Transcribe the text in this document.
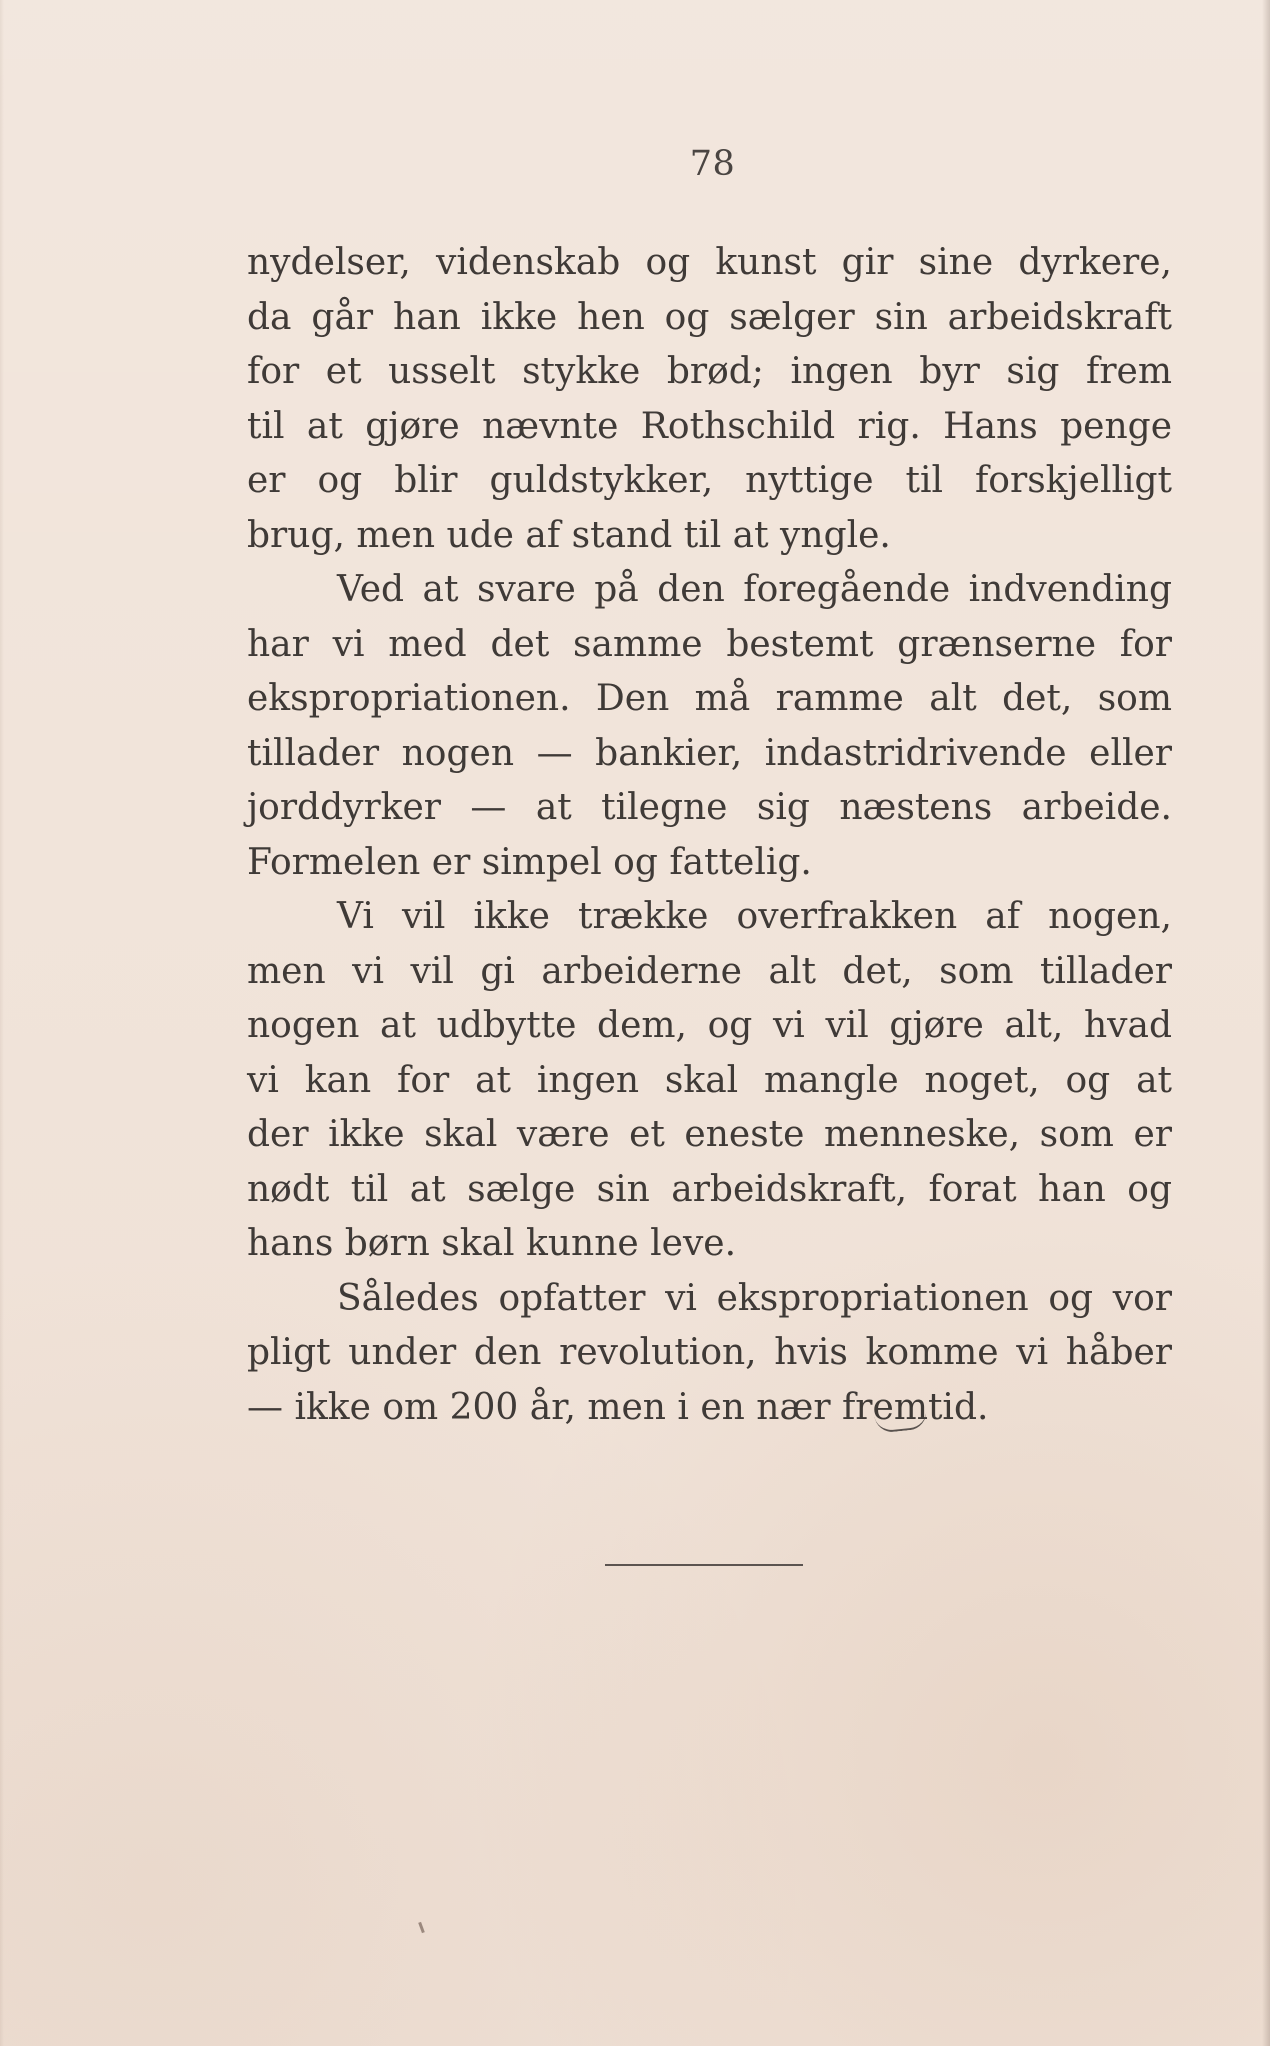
78
nydelser, videnskab og kunst gir sine dyrkere,
da går han ikke hen og sælger sin arbeidskraft
for et usselt stykke brød; ingen byr sig frem
til at gjøre nævnte Rothschild rig. Hans penge
er og blir guldstykker, nyttige til forskjelligt
brug, men ude af stand til at yngle.
Ved at svare på den foregående indvending
har vi med det samme bestemt grænserne for
ekspropriationen. Den må ramme alt det, som
tillader nogen — bankier, indastridrivende eller
jorddyrker — at tilegne sig næstens arbeide.
Formelen er simpel og fattelig.
Vi vil ikke trække overfrakken af nogen,
men vi vil gi arbeiderne alt det, som tillader
nogen at udbytte dem, og vi vil gjøre alt, hvad
vi kan for at ingen skal mangle noget, og at
der ikke skal være et eneste menneske, som er
nødt til at sælge sin arbeidskraft, forat han og
hans børn skal kunne leve.
Således opfatter vi ekspropriationen og vor
pligt under den revolution, hvis komme vi håber
— ikke om 200 år, men i en nær fremtid.
